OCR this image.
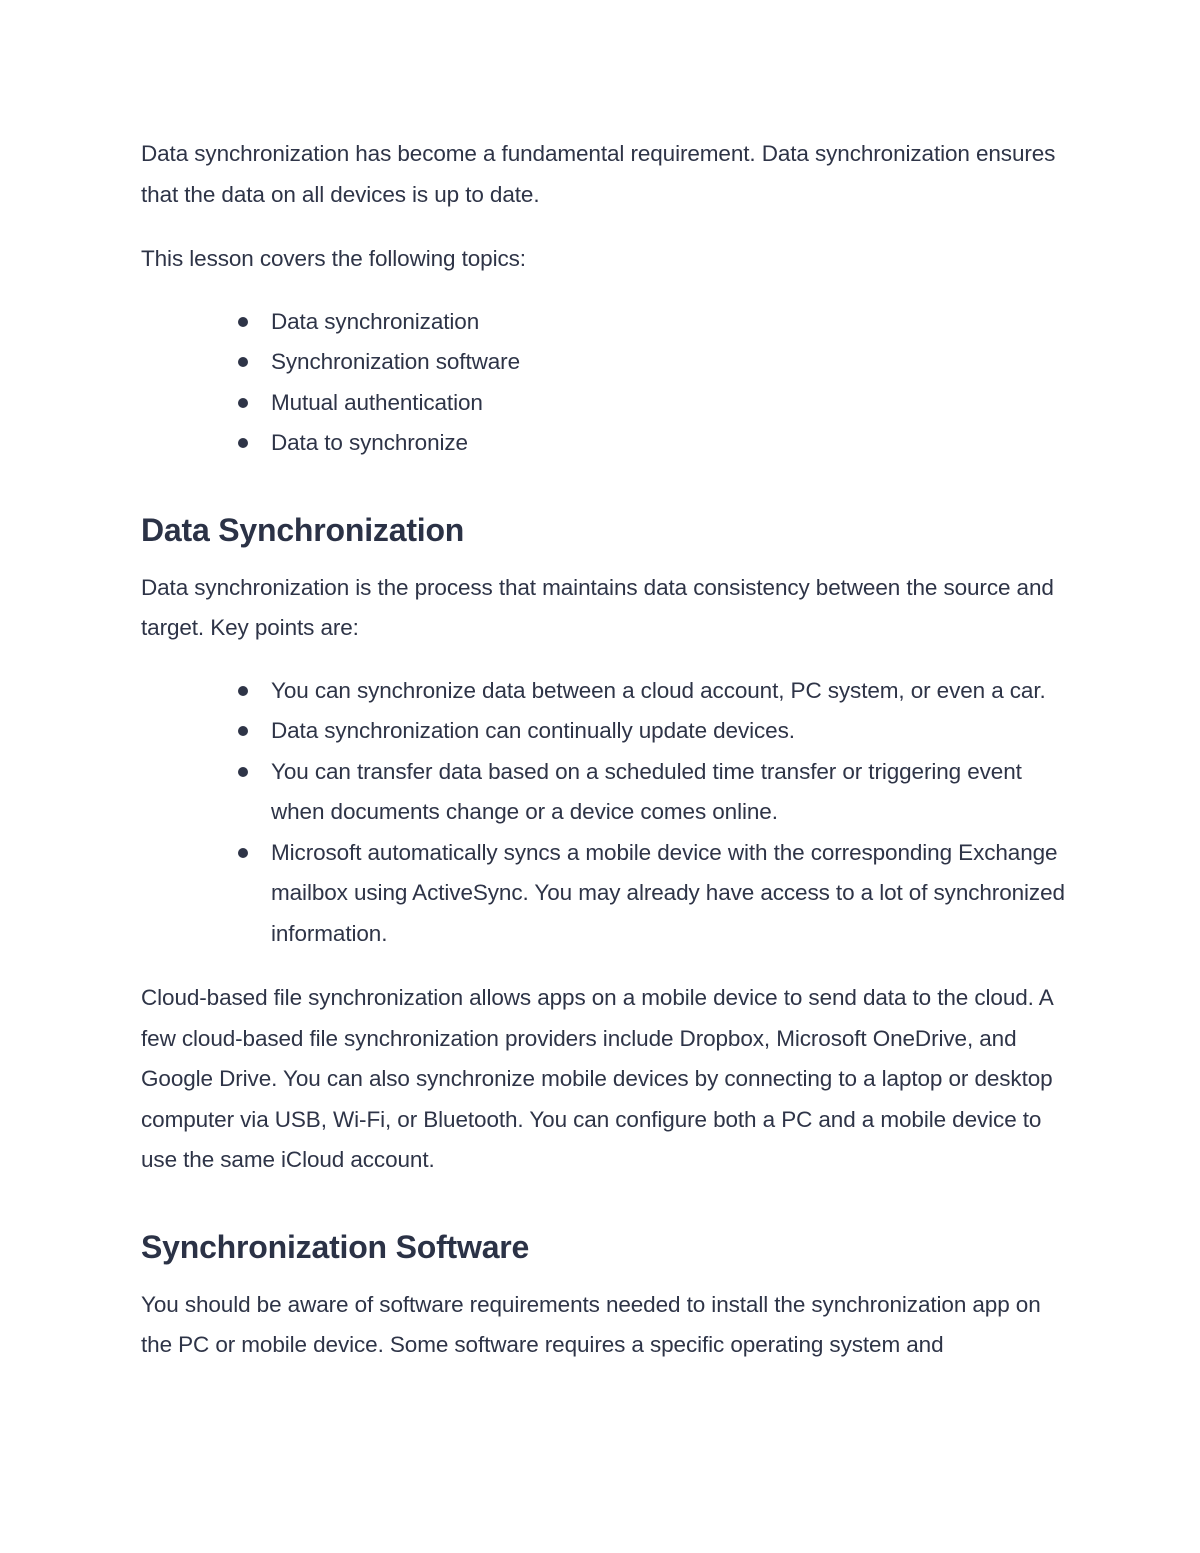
Data synchronization has become a fundamental requirement. Data synchronization ensures that the data on all devices is up to date.

This lesson covers the following topics:

Data synchronization
Synchronization software
Mutual authentication
Data to synchronize
Data Synchronization

Data synchronization is the process that maintains data consistency between the source and target. Key points are:

You can synchronize data between a cloud account, PC system, or even a car.
Data synchronization can continually update devices.
You can transfer data based on a scheduled time transfer or triggering event when documents change or a device comes online.
Microsoft automatically syncs a mobile device with the corresponding Exchange mailbox using ActiveSync. You may already have access to a lot of synchronized information.

Cloud-based file synchronization allows apps on a mobile device to send data to the cloud. A few cloud-based file synchronization providers include Dropbox, Microsoft OneDrive, and Google Drive. You can also synchronize mobile devices by connecting to a laptop or desktop computer via USB, Wi-Fi, or Bluetooth. You can configure both a PC and a mobile device to use the same iCloud account.

Synchronization Software

You should be aware of software requirements needed to install the synchronization app on the PC or mobile device. Some software requires a specific operating system and
